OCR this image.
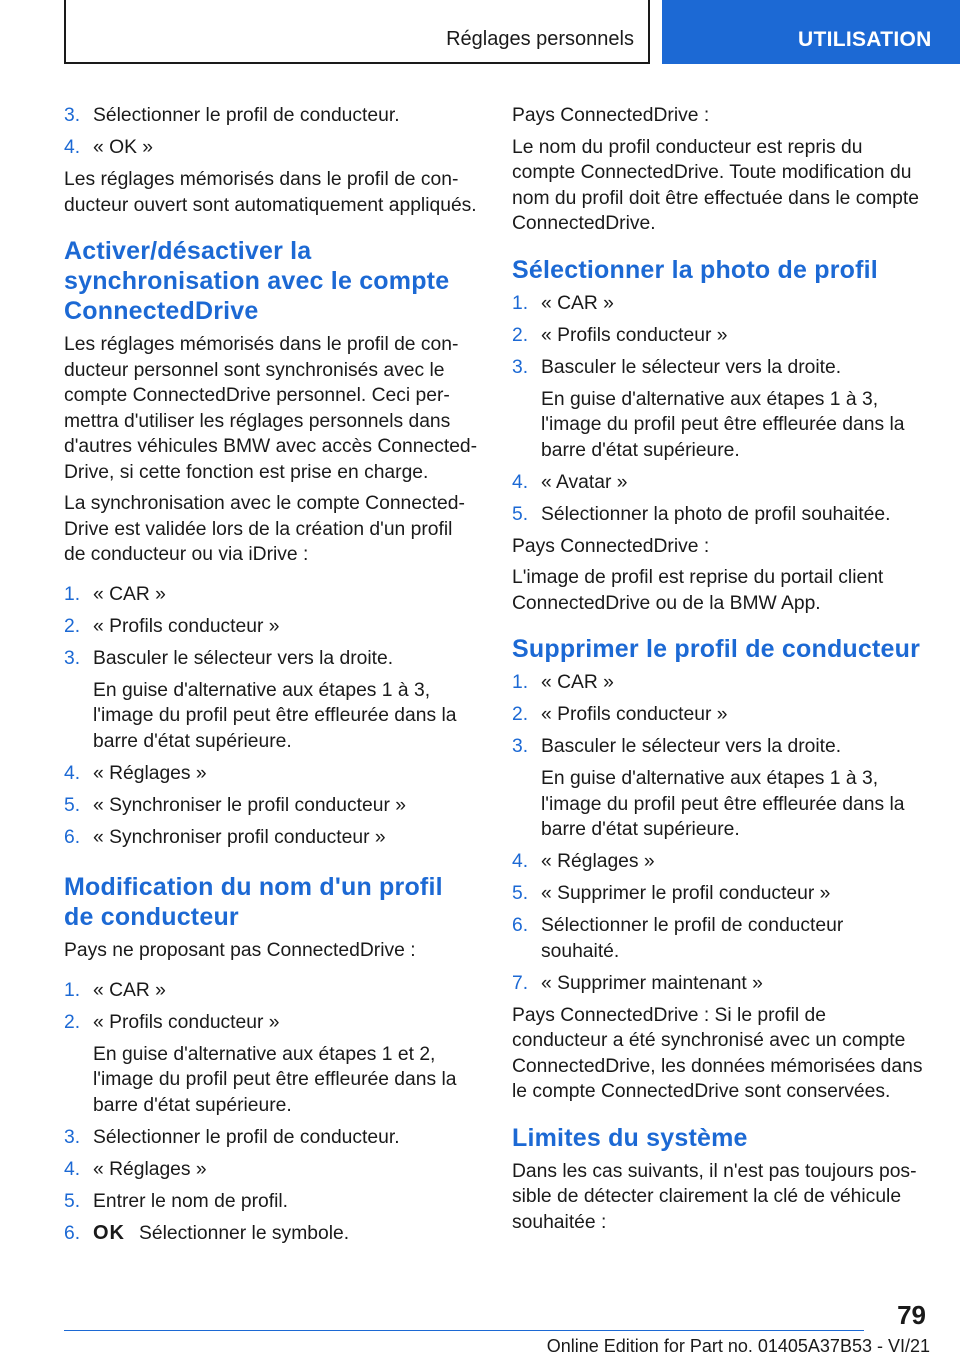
Réglages personnels	UTILISATION
3. Sélectionner le profil de conducteur.
4. « OK »

Les réglages mémorisés dans le profil de conducteur ouvert sont automatiquement appliqués.

Activer/désactiver la synchronisation avec le compte ConnectedDrive

Les réglages mémorisés dans le profil de conducteur personnel sont synchronisés avec le compte ConnectedDrive personnel. Ceci permettra d'utiliser les réglages personnels dans d'autres véhicules BMW avec accès ConnectedDrive, si cette fonction est prise en charge.

La synchronisation avec le compte ConnectedDrive est validée lors de la création d'un profil de conducteur ou via iDrive :

1. « CAR »
2. « Profils conducteur »
3. Basculer le sélecteur vers la droite.
En guise d'alternative aux étapes 1 à 3, l'image du profil peut être effleurée dans la barre d'état supérieure.
4. « Réglages »
5. « Synchroniser le profil conducteur »
6. « Synchroniser profil conducteur »
Modification du nom d'un profil de conducteur

Pays ne proposant pas ConnectedDrive :

1. « CAR »
2. « Profils conducteur »
En guise d'alternative aux étapes 1 et 2, l'image du profil peut être effleurée dans la barre d'état supérieure.
3. Sélectionner le profil de conducteur.
4. « Réglages »
5. Entrer le nom de profil.
6. OK Sélectionner le symbole.

Pays ConnectedDrive :

Le nom du profil conducteur est repris du compte ConnectedDrive. Toute modification du nom du profil doit être effectuée dans le compte ConnectedDrive.

Sélectionner la photo de profil
1. « CAR »
2. « Profils conducteur »
3. Basculer le sélecteur vers la droite.
En guise d'alternative aux étapes 1 à 3, l'image du profil peut être effleurée dans la barre d'état supérieure.
4. « Avatar »
5. Sélectionner la photo de profil souhaitée.

Pays ConnectedDrive :

L'image de profil est reprise du portail client ConnectedDrive ou de la BMW App.

Supprimer le profil de conducteur
1. « CAR »
2. « Profils conducteur »
3. Basculer le sélecteur vers la droite.
En guise d'alternative aux étapes 1 à 3, l'image du profil peut être effleurée dans la barre d'état supérieure.
4. « Réglages »
5. « Supprimer le profil conducteur »
6. Sélectionner le profil de conducteur souhaité.
7. « Supprimer maintenant »

Pays ConnectedDrive : Si le profil de conducteur a été synchronisé avec un compte ConnectedDrive, les données mémorisées dans le compte ConnectedDrive sont conservées.

Limites du système

Dans les cas suivants, il n'est pas toujours possible de détecter clairement la clé de véhicule souhaitée :

79
Online Edition for Part no. 01405A37B53 - VI/21
